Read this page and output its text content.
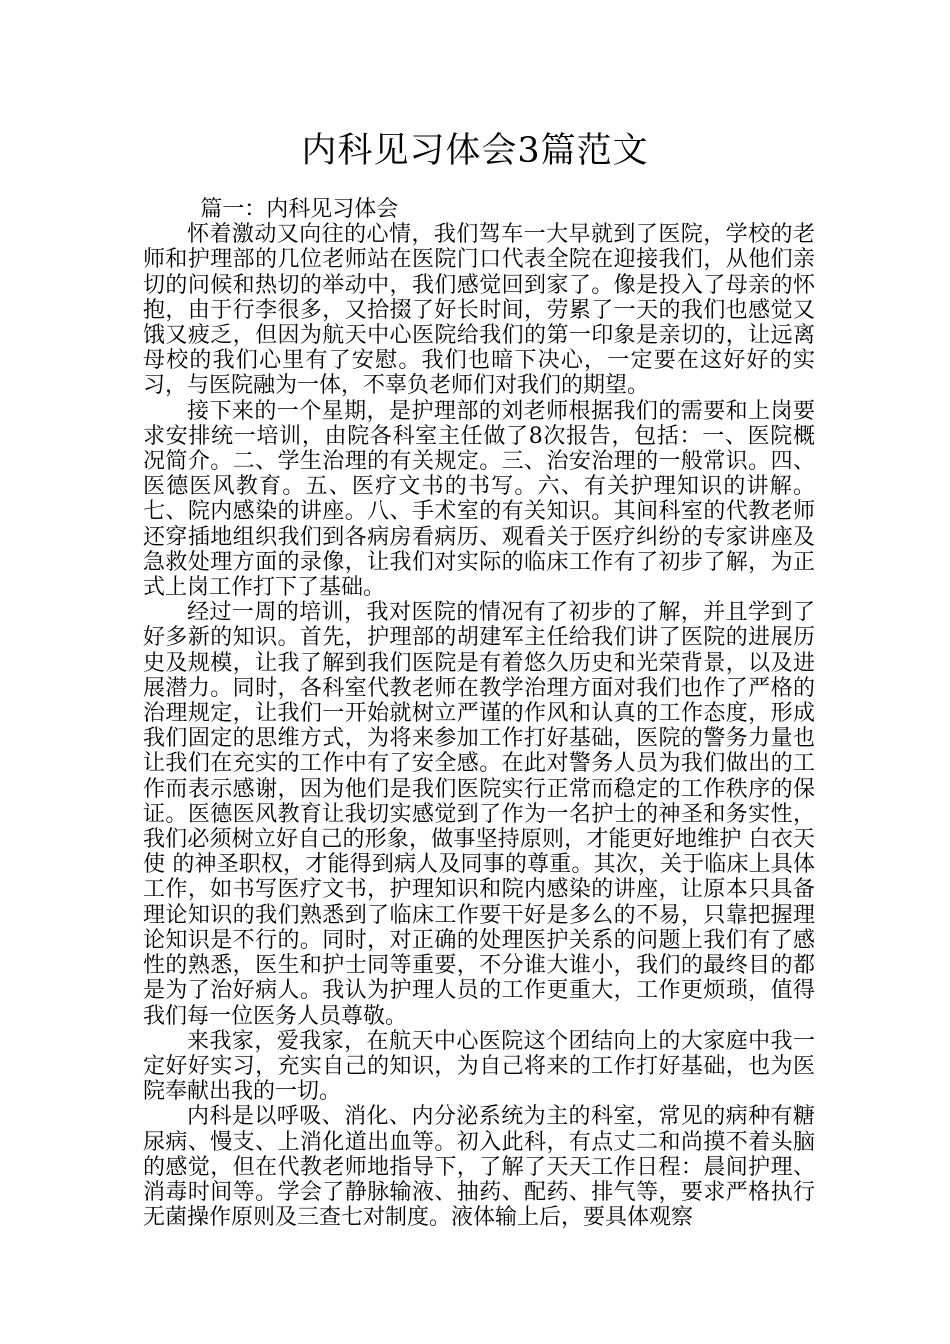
内科见习体会3篇范文

篇一：内科见习体会

怀着激动又向往的心情，我们驾车一大早就到了医院，学校的老师和护理部的几位老师站在医院门口代表全院在迎接我们，从他们亲切的问候和热切的举动中，我们感觉回到家了。像是投入了母亲的怀抱，由于行李很多，又拾掇了好长时间，劳累了一天的我们也感觉又饿又疲乏，但因为航天中心医院给我们的第一印象是亲切的，让远离母校的我们心里有了安慰。我们也暗下决心，一定要在这好好的实习，与医院融为一体，不辜负老师们对我们的期望。

接下来的一个星期，是护理部的刘老师根据我们的需要和上岗要求安排统一培训，由院各科室主任做了8次报告，包括：一、医院概况简介。二、学生治理的有关规定。三、治安治理的一般常识。四、医德医风教育。五、医疗文书的书写。六、有关护理知识的讲解。七、院内感染的讲座。八、手术室的有关知识。其间科室的代教老师还穿插地组织我们到各病房看病历、观看关于医疗纠纷的专家讲座及急救处理方面的录像，让我们对实际的临床工作有了初步了解，为正式上岗工作打下了基础。

经过一周的培训，我对医院的情况有了初步的了解，并且学到了好多新的知识。首先，护理部的胡建军主任给我们讲了医院的进展历史及规模，让我了解到我们医院是有着悠久历史和光荣背景，以及进展潜力。同时，各科室代教老师在教学治理方面对我们也作了严格的治理规定，让我们一开始就树立严谨的作风和认真的工作态度，形成我们固定的思维方式，为将来参加工作打好基础，医院的警务力量也让我们在充实的工作中有了安全感。在此对警务人员为我们做出的工作而表示感谢，因为他们是我们医院实行正常而稳定的工作秩序的保证。医德医风教育让我切实感觉到了作为一名护士的神圣和务实性，我们必须树立好自己的形象，做事坚持原则，才能更好地维护 白衣天使 的神圣职权，才能得到病人及同事的尊重。其次，关于临床上具体工作，如书写医疗文书，护理知识和院内感染的讲座，让原本只具备理论知识的我们熟悉到了临床工作要干好是多么的不易，只靠把握理论知识是不行的。同时，对正确的处理医护关系的问题上我们有了感性的熟悉，医生和护士同等重要，不分谁大谁小，我们的最终目的都是为了治好病人。我认为护理人员的工作更重大，工作更烦琐，值得我们每一位医务人员尊敬。

来我家，爱我家，在航天中心医院这个团结向上的大家庭中我一定好好实习，充实自己的知识，为自己将来的工作打好基础，也为医院奉献出我的一切。

内科是以呼吸、消化、内分泌系统为主的科室，常见的病种有糖尿病、慢支、上消化道出血等。初入此科，有点丈二和尚摸不着头脑的感觉，但在代教老师地指导下，了解了天天工作日程：晨间护理、消毒时间等。学会了静脉输液、抽药、配药、排气等，要求严格执行无菌操作原则及三查七对制度。液体输上后，要具体观察
